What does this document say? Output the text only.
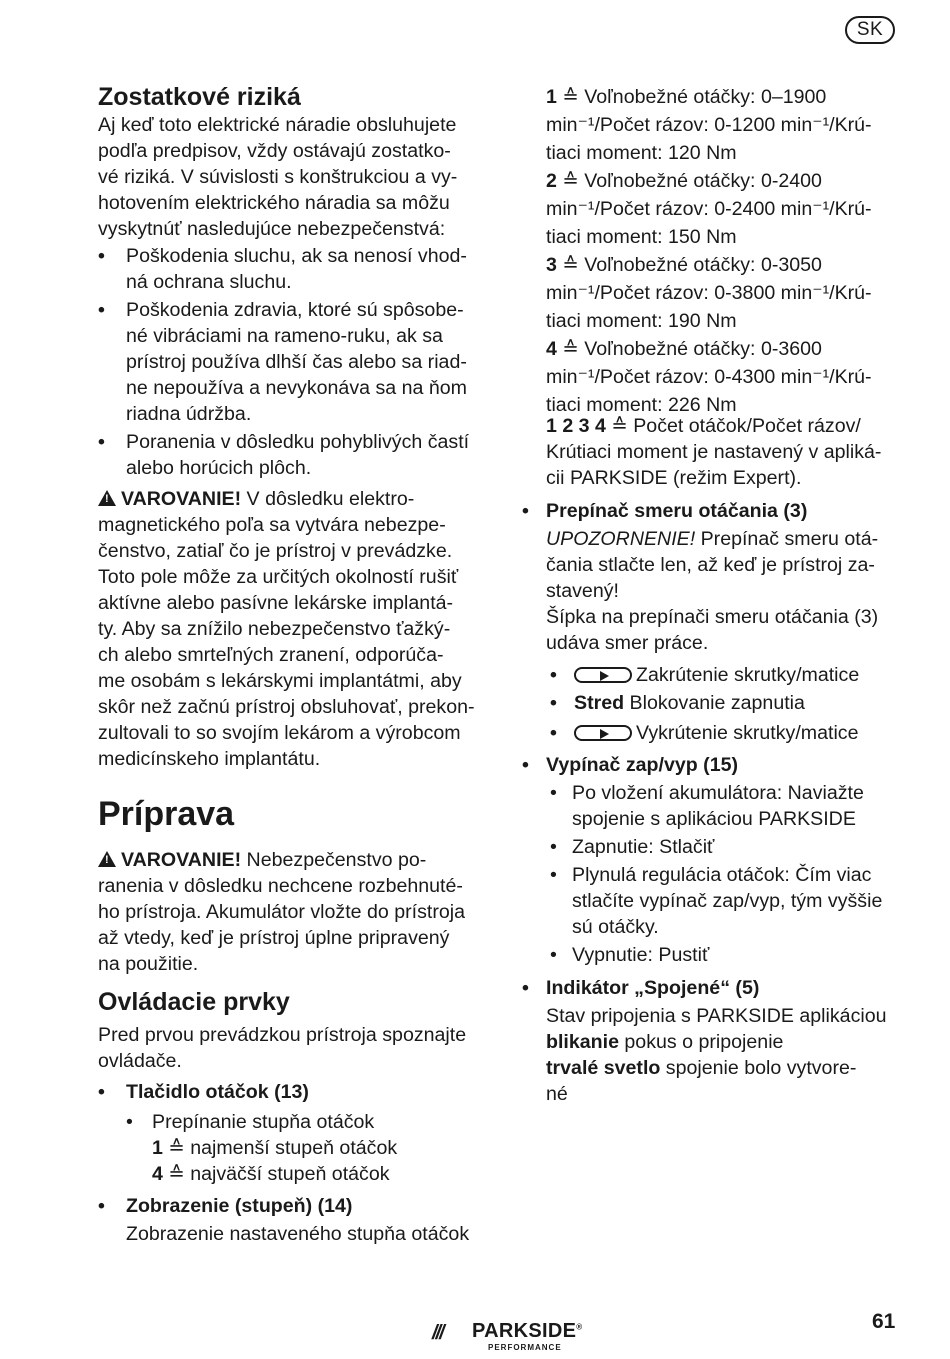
SK
Zostatkové riziká
Aj keď toto elektrické náradie obsluhujete
podľa predpisov, vždy ostávajú zostatko-
vé riziká. V súvislosti s konštrukciou a vy-
hotovením elektrického náradia sa môžu
vyskytnúť nasledujúce nebezpečenstvá:
•	Poškodenia sluchu, ak sa nenosí vhod-
ná ochrana sluchu.
•	Poškodenia zdravia, ktoré sú spôsobe-
né vibráciami na rameno-ruku, ak sa
prístroj používa dlhší čas alebo sa riad-
ne nepoužíva a nevykonáva sa na ňom
riadna údržba.
•	Poranenia v dôsledku pohyblivých častí
alebo horúcich plôch.
!VAROVANIE! V dôsledku elektro-
magnetického poľa sa vytvára nebezpe-
čenstvo, zatiaľ čo je prístroj v prevádzke.
Toto pole môže za určitých okolností rušiť
aktívne alebo pasívne lekárske implantá-
ty. Aby sa znížilo nebezpečenstvo ťažký-
ch alebo smrteľných zranení, odporúča-
me osobám s lekárskymi implantátmi, aby
skôr než začnú prístroj obsluhovať, prekon-
zultovali to so svojím lekárom a výrobcom
medicínskeho implantátu.
Príprava
!VAROVANIE! Nebezpečenstvo po-
ranenia v dôsledku nechcene rozbehnuté-
ho prístroja. Akumulátor vložte do prístroja
až vtedy, keď je prístroj úplne pripravený
na použitie.
Ovládacie prvky
Pred prvou prevádzkou prístroja spoznajte
ovládače.
•	Tlačidlo otáčok (13)
• Prepínanie stupňa otáčok
1 ≙ najmenší stupeň otáčok
4 ≙ najväčší stupeň otáčok
•	Zobrazenie (stupeň) (14)
Zobrazenie nastaveného stupňa otáčok
1 ≙ Voľnobežné otáčky: 0–1900
min⁻¹/Počet rázov: 0-1200 min⁻¹/Krú-
tiaci moment: 120 Nm
2 ≙ Voľnobežné otáčky: 0-2400
min⁻¹/Počet rázov: 0-2400 min⁻¹/Krú-
tiaci moment: 150 Nm
3 ≙ Voľnobežné otáčky: 0-3050
min⁻¹/Počet rázov: 0-3800 min⁻¹/Krú-
tiaci moment: 190 Nm
4 ≙ Voľnobežné otáčky: 0-3600
min⁻¹/Počet rázov: 0-4300 min⁻¹/Krú-
tiaci moment: 226 Nm
1 2 3 4 ≙ Počet otáčok/Počet rázov/
Krútiaci moment je nastavený v apliká-
cii PARKSIDE (režim Expert).
• Prepínač smeru otáčania (3)
UPOZORNENIE! Prepínač smeru otá-
čania stlačte len, až keď je prístroj za-
stavený!
Šípka na prepínači smeru otáčania (3)
udáva smer práce.
•	Zakrútenie skrutky/matice
• Stred Blokovanie zapnutia
•	Vykrútenie skrutky/matice
• Vypínač zap/vyp (15)
• Po vložení akumulátora: Naviažte
spojenie s aplikáciou PARKSIDE
• Zapnutie: Stlačiť
• Plynulá regulácia otáčok: Čím viac
stlačíte vypínač zap/vyp, tým vyššie
sú otáčky.
• Vypnutie: Pustiť
• Indikátor „Spojené“ (5)
Stav pripojenia s PARKSIDE aplikáciou
blikanie pokus o pripojenie
trvalé svetlo spojenie bolo vytvore-
né
/// PARKSIDE®
PERFORMANCE
61
